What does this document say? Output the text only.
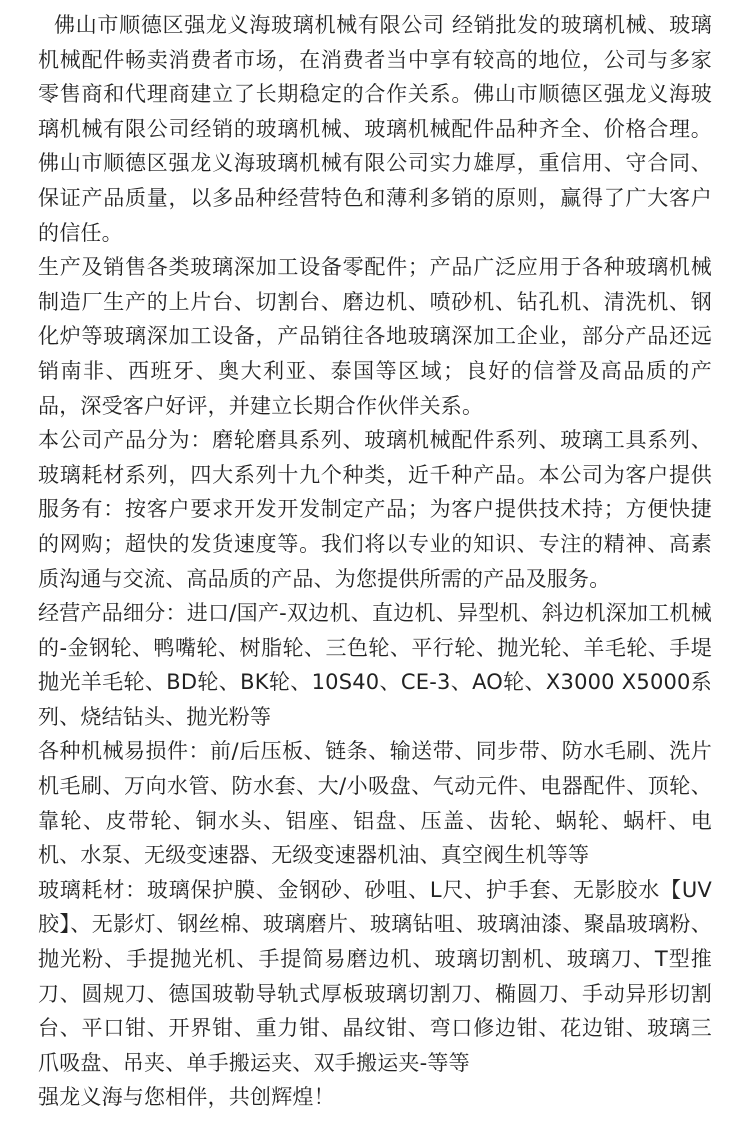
佛山市顺德区强龙义海玻璃机械有限公司 经销批发的玻璃机械、玻璃机械配件畅卖消费者市场，在消费者当中享有较高的地位，公司与多家零售商和代理商建立了长期稳定的合作关系。佛山市顺德区强龙义海玻璃机械有限公司经销的玻璃机械、玻璃机械配件品种齐全、价格合理。佛山市顺德区强龙义海玻璃机械有限公司实力雄厚，重信用、守合同、保证产品质量，以多品种经营特色和薄利多销的原则，赢得了广大客户的信任。

生产及销售各类玻璃深加工设备零配件；产品广泛应用于各种玻璃机械制造厂生产的上片台、切割台、磨边机、喷砂机、钻孔机、清洗机、钢化炉等玻璃深加工设备，产品销往各地玻璃深加工企业，部分产品还远销南非、西班牙、奥大利亚、泰国等区域；良好的信誉及高品质的产品，深受客户好评，并建立长期合作伙伴关系。

本公司产品分为：磨轮磨具系列、玻璃机械配件系列、玻璃工具系列、玻璃耗材系列，四大系列十九个种类，近千种产品。本公司为客户提供服务有：按客户要求开发开发制定产品；为客户提供技术持；方便快捷的网购；超快的发货速度等。我们将以专业的知识、专注的精神、高素质沟通与交流、高品质的产品、为您提供所需的产品及服务。

经营产品细分：进口/国产-双边机、直边机、异型机、斜边机深加工机械的-金钢轮、鸭嘴轮、树脂轮、三色轮、平行轮、抛光轮、羊毛轮、手堤抛光羊毛轮、BD轮、BK轮、10S40、CE-3、AO轮、X3000 X5000系列、烧结钻头、抛光粉等

各种机械易损件：前/后压板、链条、输送带、同步带、防水毛刷、洗片机毛刷、万向水管、防水套、大/小吸盘、气动元件、电器配件、顶轮、靠轮、皮带轮、铜水头、铝座、铝盘、压盖、齿轮、蜗轮、蜗杆、电机、水泵、无级变速器、无级变速器机油、真空阀生机等等

玻璃耗材：玻璃保护膜、金钢砂、砂咀、L尺、护手套、无影胶水【UV胶】、无影灯、钢丝棉、玻璃磨片、玻璃钻咀、玻璃油漆、聚晶玻璃粉、抛光粉、手提抛光机、手提简易磨边机、玻璃切割机、玻璃刀、T型推刀、圆规刀、德国玻勒导轨式厚板玻璃切割刀、椭圆刀、手动异形切割台、平口钳、开界钳、重力钳、晶纹钳、弯口修边钳、花边钳、玻璃三爪吸盘、吊夹、单手搬运夹、双手搬运夹-等等

强龙义海与您相伴，共创辉煌！
